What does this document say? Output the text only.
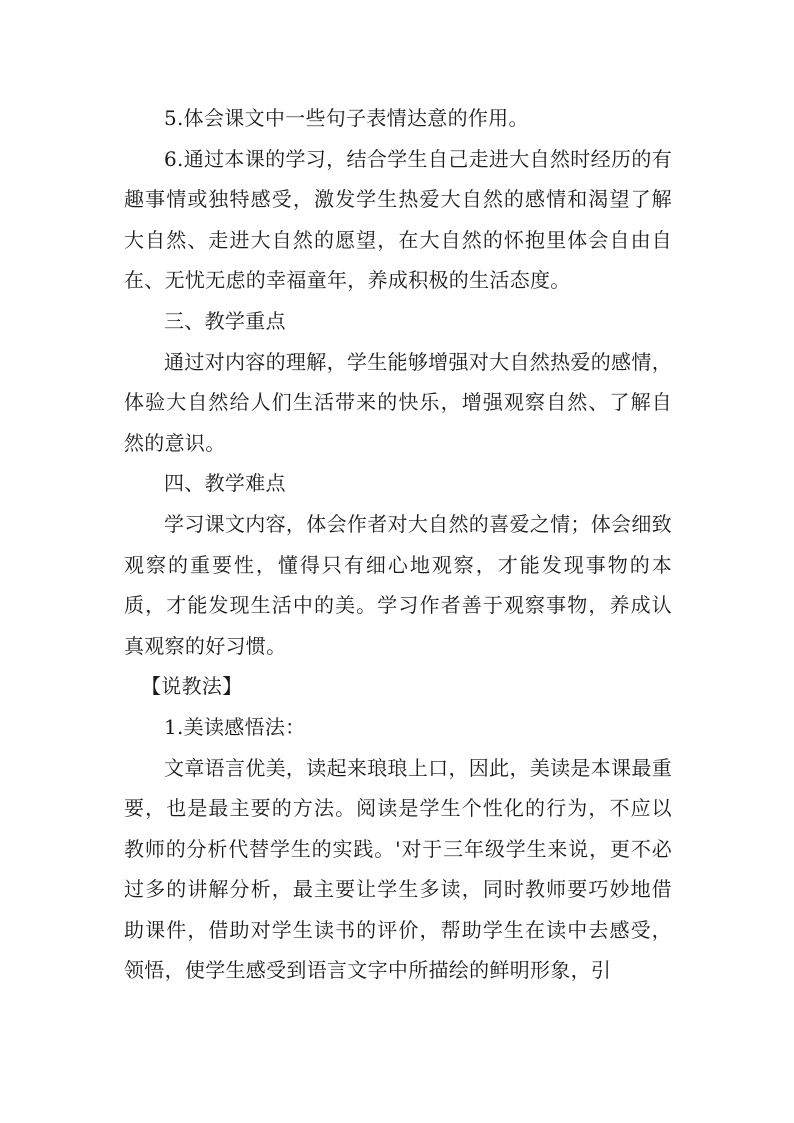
5.体会课文中一些句子表情达意的作用。

6.通过本课的学习，结合学生自己走进大自然时经历的有趣事情或独特感受，激发学生热爱大自然的感情和渴望了解大自然、走进大自然的愿望，在大自然的怀抱里体会自由自在、无忧无虑的幸福童年，养成积极的生活态度。

三、教学重点

通过对内容的理解，学生能够增强对大自然热爱的感情，体验大自然给人们生活带来的快乐，增强观察自然、了解自然的意识。

四、教学难点

学习课文内容，体会作者对大自然的喜爱之情；体会细致观察的重要性，懂得只有细心地观察，才能发现事物的本质，才能发现生活中的美。学习作者善于观察事物，养成认真观察的好习惯。

【说教法】

1.美读感悟法：

文章语言优美，读起来琅琅上口，因此，美读是本课最重要，也是最主要的方法。阅读是学生个性化的行为，不应以教师的分析代替学生的实践。'对于三年级学生来说，更不必过多的讲解分析，最主要让学生多读，同时教师要巧妙地借助课件，借助对学生读书的评价，帮助学生在读中去感受，领悟，使学生感受到语言文字中所描绘的鲜明形象，引
